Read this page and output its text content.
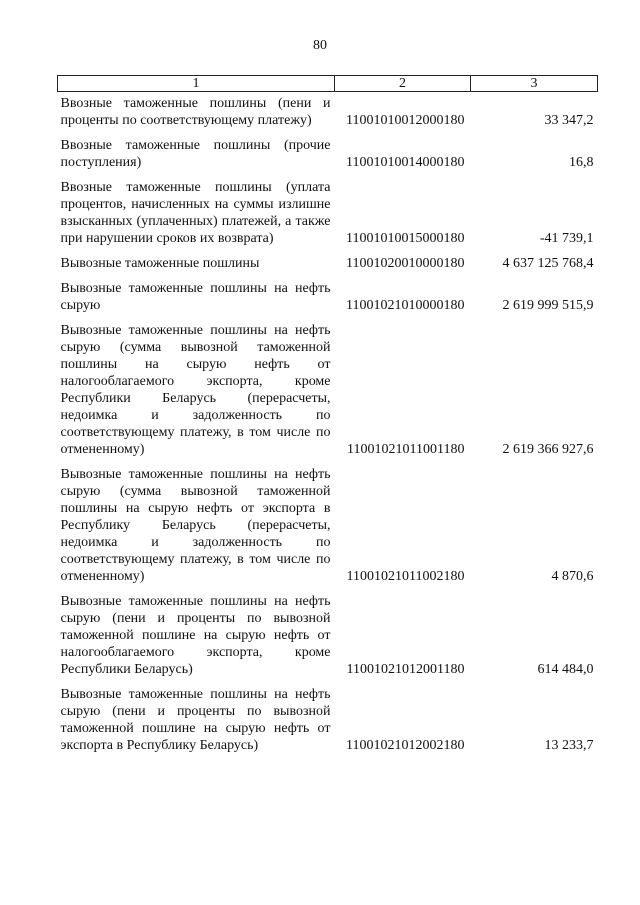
80
1	2	3
Ввозные таможенные пошлины (пени и проценты по соответствующему платежу)	11001010012000180	33 347,2
Ввозные таможенные пошлины (прочие поступления)	11001010014000180	16,8
Ввозные таможенные пошлины (уплата процентов, начисленных на суммы излишне взысканных (уплаченных) платежей, а также при нарушении сроков их возврата)	11001010015000180	-41 739,1
Вывозные таможенные пошлины	11001020010000180	4 637 125 768,4
Вывозные таможенные пошлины на нефть сырую	11001021010000180	2 619 999 515,9
Вывозные таможенные пошлины на нефть сырую (сумма вывозной таможенной пошлины на сырую нефть от налогооблагаемого экспорта, кроме Республики Беларусь (перерасчеты, недоимка и задолженность по соответствующему платежу, в том числе по отмененному)	11001021011001180	2 619 366 927,6
Вывозные таможенные пошлины на нефть сырую (сумма вывозной таможенной пошлины на сырую нефть от экспорта в Республику Беларусь (перерасчеты, недоимка и задолженность по соответствующему платежу, в том числе по отмененному)	11001021011002180	4 870,6
Вывозные таможенные пошлины на нефть сырую (пени и проценты по вывозной таможенной пошлине на сырую нефть от налогооблагаемого экспорта, кроме Республики Беларусь)	11001021012001180	614 484,0
Вывозные таможенные пошлины на нефть сырую (пени и проценты по вывозной таможенной пошлине на сырую нефть от экспорта в Республику Беларусь)	11001021012002180	13 233,7
